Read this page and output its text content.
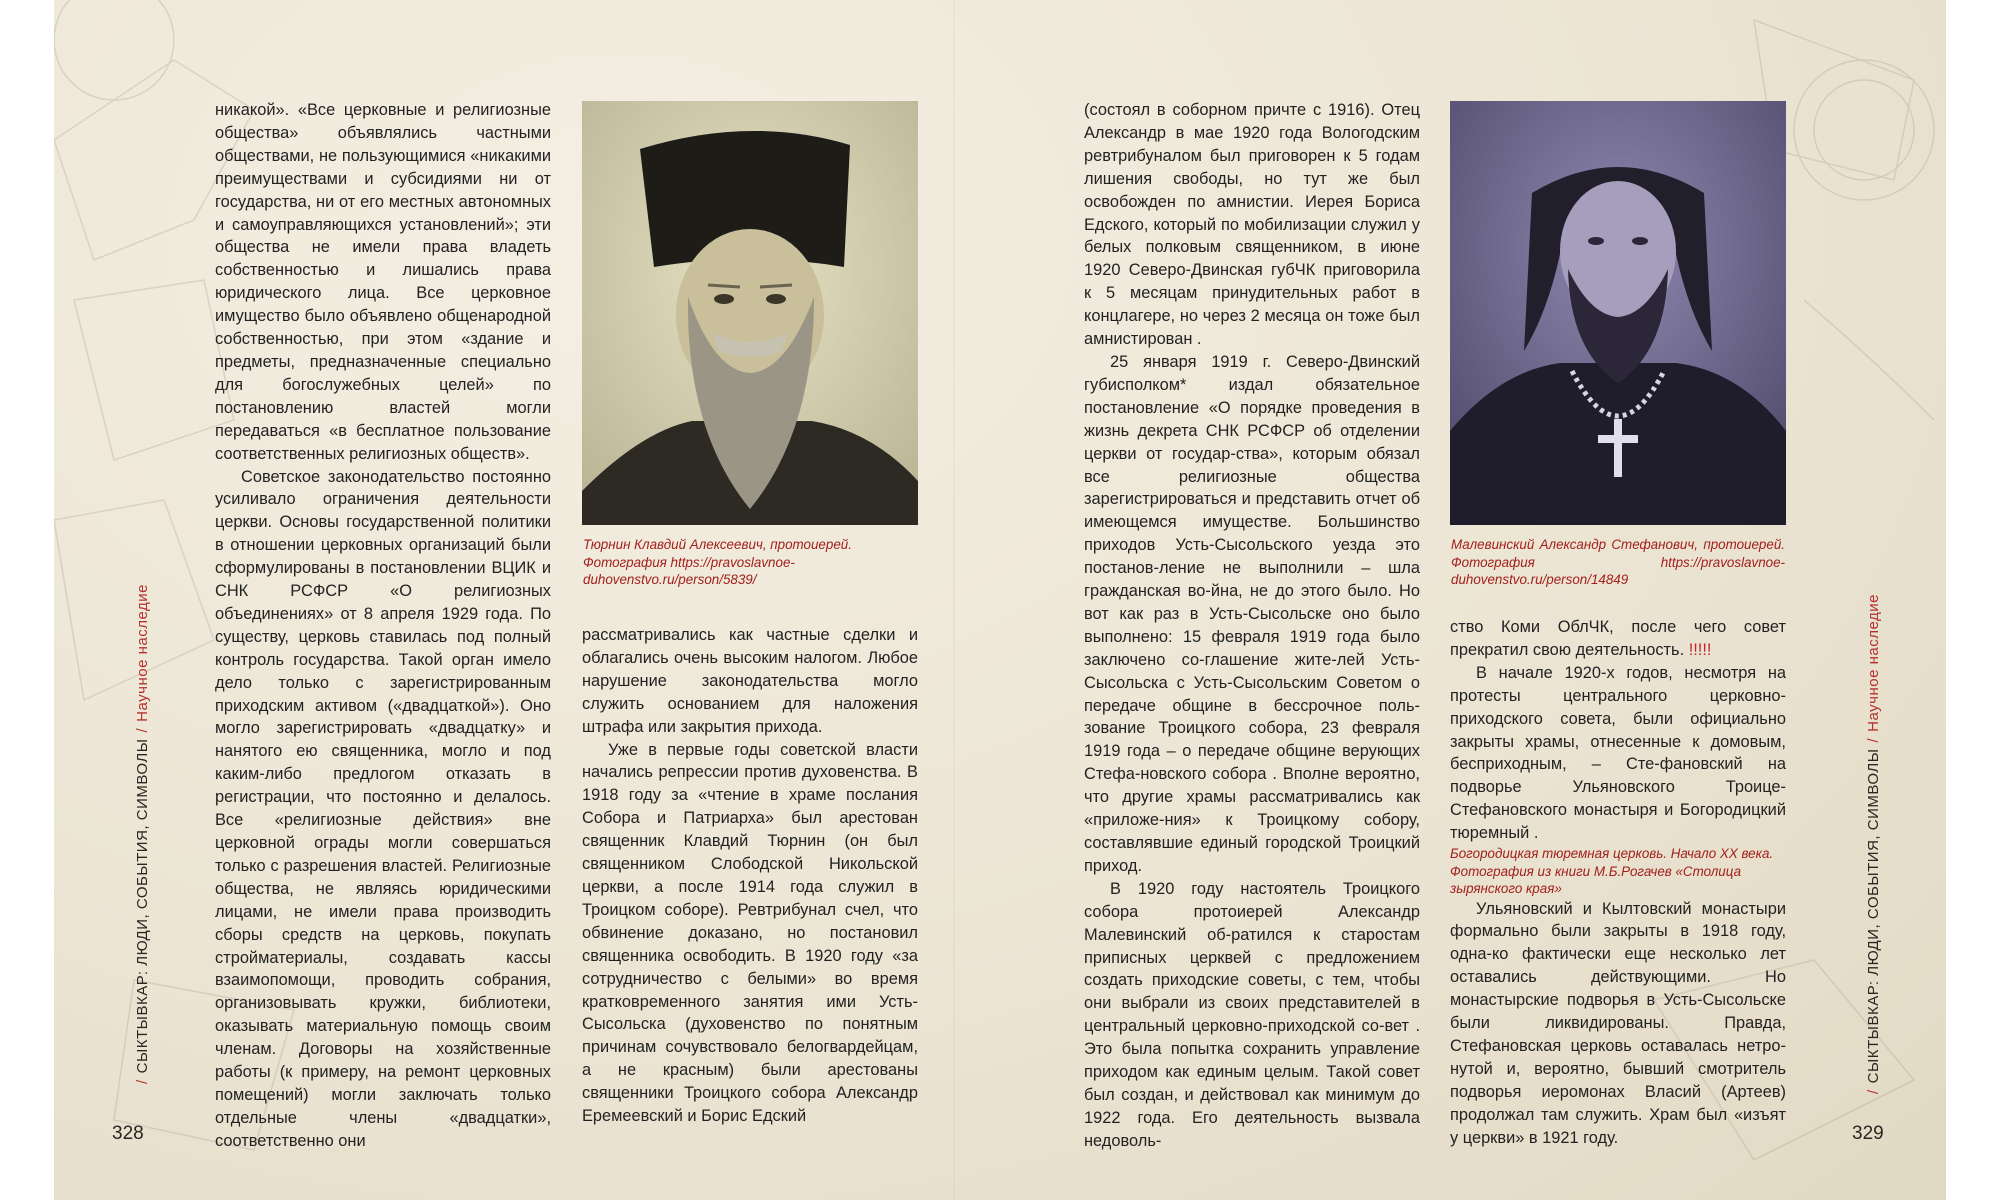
/СЫКТЫВКАР: ЛЮДИ, СОБЫТИЯ, СИМВОЛЫ/Научное наследие
328

никакой». «Все церковные и религиозные общества» объявлялись частными обществами, не пользующимися «никакими преимуществами и субсидиями ни от государства, ни от его местных автономных и самоуправляющихся установлений»; эти общества не имели права владеть собственностью и лишались права юридического лица. Все церковное имущество было объявлено общенародной собственностью, при этом «здание и предметы, предназначенные специально для богослужебных целей» по постановлению властей могли передаваться «в бесплатное пользование соответственных религиозных обществ».

Советское законодательство постоянно усиливало ограничения деятельности церкви. Основы государственной политики в отношении церковных организаций были сформулированы в постановлении ВЦИК и СНК РСФСР «О религиозных объединениях» от 8 апреля 1929 года. По существу, церковь ставилась под полный контроль государства. Такой орган имело дело только с зарегистрированным приходским активом («двадцаткой»). Оно могло зарегистрировать «двадцатку» и нанятого ею священника, могло и под каким-либо предлогом отказать в регистрации, что постоянно и делалось. Все «религиозные действия» вне церковной ограды могли совершаться только с разрешения властей. Религиозные общества, не являясь юридическими лицами, не имели права производить сборы средств на церковь, покупать стройматериалы, создавать кассы взаимопомощи, проводить собрания, организовывать кружки, библиотеки, оказывать материальную помощь своим членам. Договоры на хозяйственные работы (к примеру, на ремонт церковных помещений) могли заключать только отдельные члены «двадцатки», соответственно они

Тюрнин Клавдий Алексеевич, протоиерей. Фотография https://pravoslavnoe-duhovenstvo.ru/person/5839/

рассматривались как частные сделки и облагались очень высоким налогом. Любое нарушение законодательства могло служить основанием для наложения штрафа или закрытия прихода.

Уже в первые годы советской власти начались репрессии против духовенства. В 1918 году за «чтение в храме послания Собора и Патриарха» был арестован священник Клавдий Тюрнин (он был священником Слободской Никольской церкви, а после 1914 года служил в Троицком соборе). Ревтрибунал счел, что обвинение доказано, но постановил священника освободить. В 1920 году «за сотрудничество с белыми» во время кратковременного занятия ими Усть-Сысольска (духовенство по понятным причинам сочувствовало белогвардейцам, а не красным) были арестованы священники Троицкого собора Александр Еремеевский и Борис Едский

(состоял в соборном причте с 1916). Отец Александр в мае 1920 года Вологодским ревтрибуналом был приговорен к 5 годам лишения свободы, но тут же был освобожден по амнистии. Иерея Бориса Едского, который по мобилизации служил у белых полковым священником, в июне 1920 Северо-Двинская губЧК приговорила к 5 месяцам принудительных работ в концлагере, но через 2 месяца он тоже был амнистирован .

25 января 1919 г. Северо-Двинский губисполком* издал обязательное постановление «О порядке проведения в жизнь декрета СНК РСФСР об отделении церкви от государ-ства», которым обязал все религиозные общества зарегистрироваться и представить отчет об имеющемся имуществе. Большинство приходов Усть-Сысольского уезда это постанов-ление не выполнили – шла гражданская во-йна, не до этого было. Но вот как раз в Усть-Сысольске оно было выполнено: 15 февраля 1919 года было заключено со-глашение жите-лей Усть-Сысольска с Усть-Сысольским Советом о передаче общине в бессрочное поль-зование Троицкого собора, 23 февраля 1919 года – о передаче общине верующих Стефа-новского собора . Вполне вероятно, что другие храмы рассматривались как «приложе-ния» к Троицкому собору, составлявшие единый городской Троицкий приход.

В 1920 году настоятель Троицкого собора протоиерей Александр Малевинский об-ратился к старостам приписных церквей с предложением создать приходские советы, с тем, чтобы они выбрали из своих представителей в центральный церковно-приходской со-вет . Это была попытка сохранить управление приходом как единым целым. Такой совет был создан, и действовал как минимум до 1922 года. Его деятельность вызвала недоволь-

Малевинский Александр Стефанович, протоиерей. Фотография https://pravoslavnoe-duhovenstvo.ru/person/14849

ство Коми ОблЧК, после чего совет прекратил свою деятельность. !!!!!

В начале 1920-х годов, несмотря на протесты центрального церковно-приходского совета, были официально закрыты храмы, отнесенные к домовым, бесприходным, – Сте-фановский на подворье Ульяновского Троице-Стефановского монастыря и Богородицкий тюремный .

Богородицкая тюремная церковь. Начало XX века. Фотография из книги М.Б.Рогачев «Столица зырянского края»

Ульяновский и Кылтовский монастыри формально были закрыты в 1918 году, одна-ко фактически еще несколько лет оставались действующими. Но монастырские подворья в Усть-Сысольске были ликвидированы. Правда, Стефановская церковь оставалась нетро-нутой и, вероятно, бывший смотритель подворья иеромонах Власий (Артеев) продолжал там служить. Храм был «изъят у церкви» в 1921 году.

/СЫКТЫВКАР: ЛЮДИ, СОБЫТИЯ, СИМВОЛЫ/Научное наследие
329
